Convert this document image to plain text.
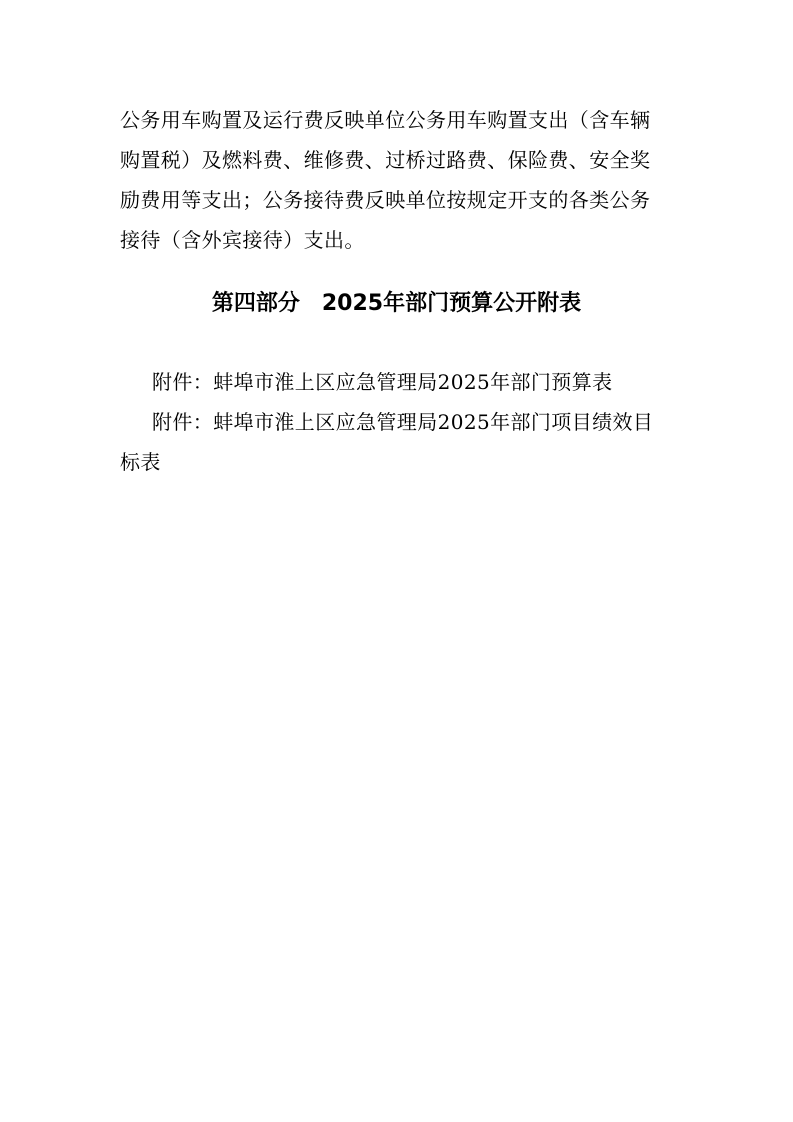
公务用车购置及运行费反映单位公务用车购置支出（含车辆
购置税）及燃料费、维修费、过桥过路费、保险费、安全奖
励费用等支出；公务接待费反映单位按规定开支的各类公务
接待（含外宾接待）支出。
第四部分　2025年部门预算公开附表
附件：蚌埠市淮上区应急管理局2025年部门预算表
附件：蚌埠市淮上区应急管理局2025年部门项目绩效目
标表
